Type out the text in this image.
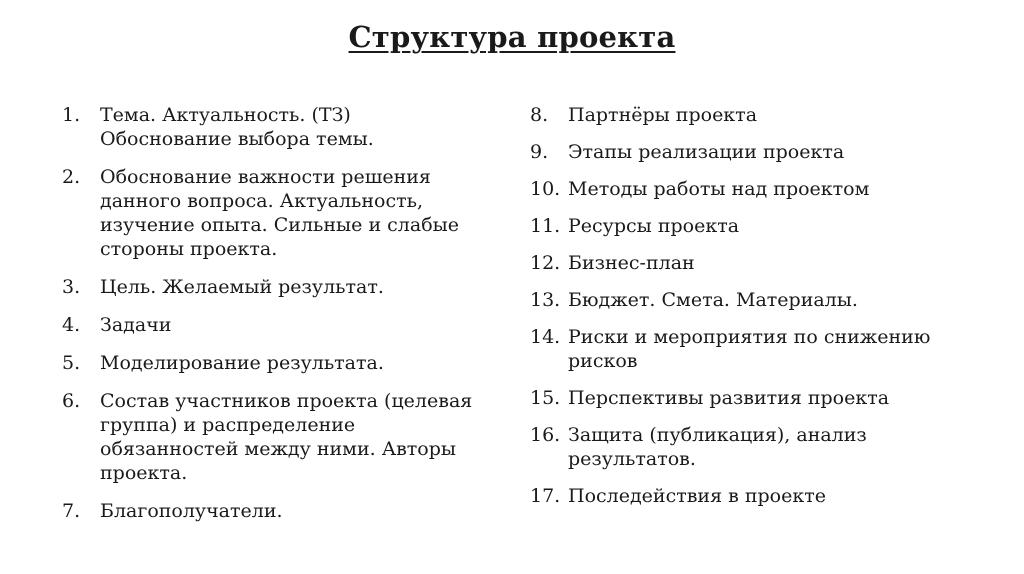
Структура проекта
1.	Тема. Актуальность. (ТЗ)
Обоснование выбора темы.
2.	Обоснование важности решения
данного вопроса. Актуальность,
изучение опыта. Сильные и слабые
стороны проекта.
3.	Цель. Желаемый результат.
4.	Задачи
5.	Моделирование результата.
6.	Состав участников проекта (целевая
группа) и распределение
обязанностей между ними. Авторы
проекта.
7.	Благополучатели.
8.	Партнёры проекта
9.	Этапы реализации проекта
10. Методы работы над проектом
11. Ресурсы проекта
12. Бизнес-план
13. Бюджет. Смета. Материалы.
14. Риски и мероприятия по снижению
рисков
15. Перспективы развития проекта
16. Защита (публикация), анализ
результатов.
17. Последействия в проекте
